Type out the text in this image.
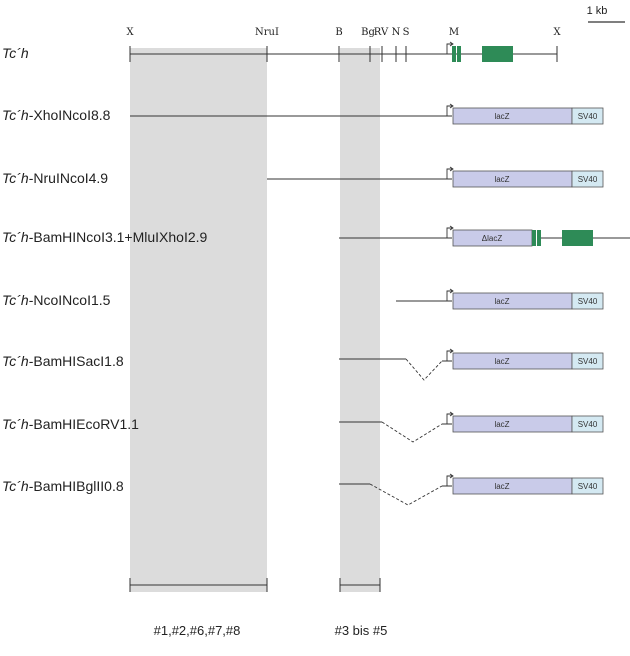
1 kb
X	NruI	B Bg
RV N S	M	X
Tc´h
Tc´h-XhoINcoI8.8	lacZ	SV40
Tc´h-NruINcoI4.9	lacZ	SV40
Tc´h-BamHINcoI3.1+MluIXhoI2.9	ΔlacZ
Tc´h-NcoINcoI1.5	lacZ	SV40
Tc´h-BamHISacI1.8	lacZ	SV40
Tc´h-BamHIEcoRV1.1	lacZ	SV40
Tc´h-BamHIBglII0.8	lacZ	SV40
#1,#2,#6,#7,#8	#3 bis #5
